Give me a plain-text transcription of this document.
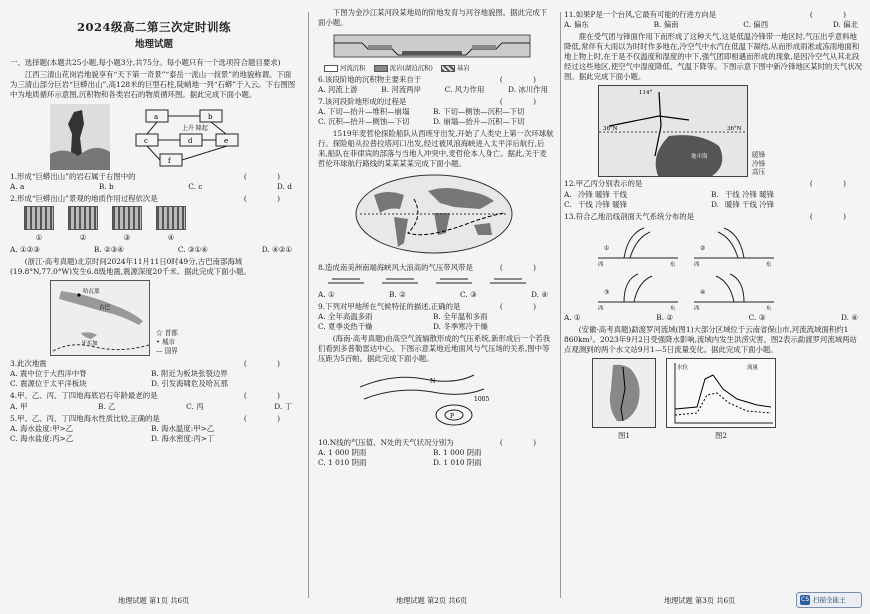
2024级高二第三次定时训练
地理试题
一、选择题(本题共25小题,每小题3分,共75分。每小题只有一个选项符合题目要求)
江西三清山花岗岩地貌享有“天下第一奇景”“泰岳一派山一叔景”的地貌称谓。下面为三清山部分巨岩“巨蟒出山”,高128米的巨型石柱,陡峭地一列“石蟒”于入云。下右图图中为地质循环示意图,沉积物和各类岩石的物质循环图。据此完成下面小题。
上升 隆起
a	b
c	d	e
f
1.形成“巨蟒出山”的岩石属于右图中的	( )
A. a	B. b	C. c	D. d
2.形成“巨蟒出山”景观的地质作用过程依次是	( )
①	②	③	④
A. ①②③	B. ②③④	C. ③①④	D. ④②①
(浙江·高考真题)北京时间2024年11月11日0时49分,古巴南部海域(19.8°N,77.0°W)发生6.8级地震,震源深度20千米。据此完成下面小题。
哈瓦那
古巴
牙买加
☆ 首都
• 城市
— 国界
3.此次地震	( )
A. 震中位于大西洋中脊	B. 附近为板块张裂边界
C. 震源位于太平洋板块	D. 引发海啸危及哈瓦那
4.甲、乙、丙、丁四地海底岩石年龄最老的是	( )
A. 甲	B. 乙	C. 丙	D. 丁
5.甲、乙、丙、丁四地海水性质比较,正确的是	( )
A. 海水盐度:甲>乙	B. 海水温度:甲>乙
C. 海水盐度:丙>乙	D. 海水密度:丙>丁
地理试题 第1页 共6页
下图为金沙江某河段某地局的阶地发育与河谷地貌图。据此完成下面小题。
河流沉积	泥岩(湖泊沉积)	基岩
6.该段阶地的沉积物主要来自于	( )
A. 河流上游	B. 河流两岸	C. 风力作用	D. 冰川作用
7.该河段阶地形成的过程是	( )
A. 下切—抬升—堆积—崩塌	B. 下切—侧蚀—沉积—下切
C. 沉积—抬升—侧蚀—下切	D. 崩塌—抬升—沉积—下切
1519年麦哲伦探险船队从西班牙出发,开始了人类史上第一次环球航行。探险船从拉普拉塔河口出发,经过被风浪海峡进入太平洋后航行,后来,船队在菲律宾的部落与当地人冲突中,麦哲伦本人身亡。据此,关于麦哲伦环球航行路线的某某某某完成下面小题。
8.造成南美洲南端海峡风大浪高的气压带风带是	( )
A. ①	B. ②	C. ③	D. ④
9.下列对甲地所在气候特征的描述,正确的是	( )
A. 全年高温多雨	B. 全年温和多雨
C. 夏季炎热干燥	D. 冬季寒冷干燥
(海南·高考真题)由高空气流辐散形成的气压系统,新形成后一个若我们看到多普勒雷达中心。下图示意某地近地面风与气压场的关系,图中等压距为5百帕。据此完成下面小题。
P
N
1005
10.N线的气压值、N处的天气状况分别为	( )
A. 1 000 阴雨	B. 1 000 阴雨
C. 1 010 阴雨	D. 1 010 阴雨
地理试题 第2页 共6页
11.如果P是一个台风,它最有可能的行进方向是	( )
A. 偏东	B. 偏南	C. 偏西	D. 偏北
鹿在受气团与锋面作用下而形成了这种天气,这是低温冷锋带一地区时,气压出乎意料地降低,常伴有大雨以为时时作多地在,冷空气中水汽在低温下凝结,从而形成雨凇或冻雨地面和地上物上时,在于是不仅温度和湿度的中下,强气团即相遇而形成的现象,是因冷空气从其北段经过这些地区,使空气中湿度降低、气温下降等。下图示意下图中新冷锋地区某时的天气状况图。据此完成下面小题。
36°N	36°N
114°
地中海	暖锋
冷锋
高压
12.甲乙丙分别表示的是	( )
A. 冷锋 暖锋 干线	B. 干线 冷锋 暖锋
C. 干线 冷锋 暖锋	D. 暖锋 干线 冷锋
13.符合乙地沿线剖面天气系统分布的是	( )
①
西	东
②
西	东
③
西	东
④
西	东
A. ①	B. ②	C. ③	D. ④
(安徽·高考真题)勐渡罗河流域(图1)大部分区域位于云南省保山市,河流流域面积约1 860km²。2023年9月2日受强降水影响,流域内发生洪涝灾害。图2表示勐渡罗河流域两站点观测到的两个水文站9月1—5日流量变化。据此完成下面小题。
图1
水位	流量
图2
地理试题 第3页 共6页	CS 扫描全能王
